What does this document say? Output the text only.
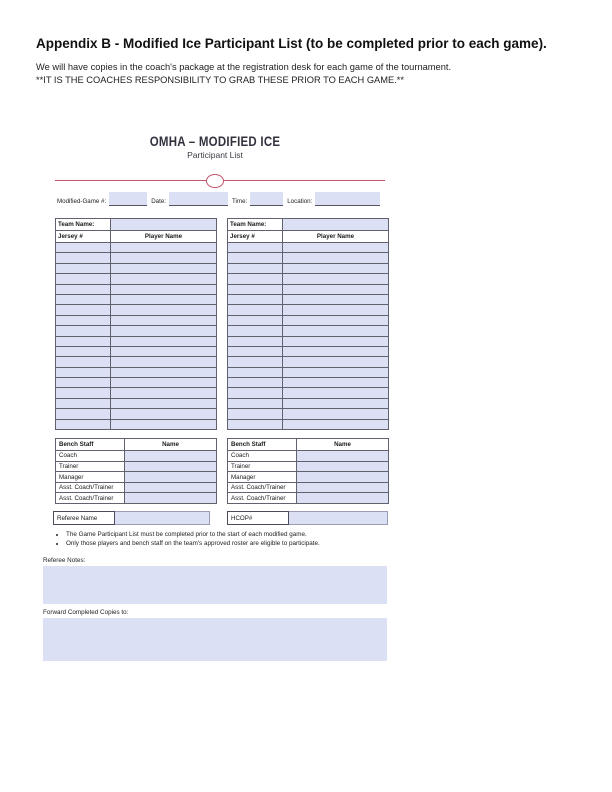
Appendix B - Modified Ice Participant List (to be completed prior to each game).

We will have copies in the coach's package at the registration desk for each game of the tournament.
**IT IS THE COACHES RESPONSIBILITY TO GRAB THESE PRIOR TO EACH GAME.**

OMHA – MODIFIED ICE
Participant List
Modified-Game #:	Date:	Time:	Location:
Team Name:	
Jersey #	Player Name

Team Name:	
Jersey #	Player Name

Bench Staff	Name
Coach	
Trainer	
Manager	
Asst. Coach/Trainer	
Asst. Coach/Trainer	
Bench Staff	Name
Coach	
Trainer	
Manager	
Asst. Coach/Trainer	
Asst. Coach/Trainer	
Referee Name	HCOP#
• The Game Participant List must be completed prior to the start of each modified game.
• Only those players and bench staff on the team's approved roster are eligible to participate.
Referee Notes:
Forward Completed Copies to:
